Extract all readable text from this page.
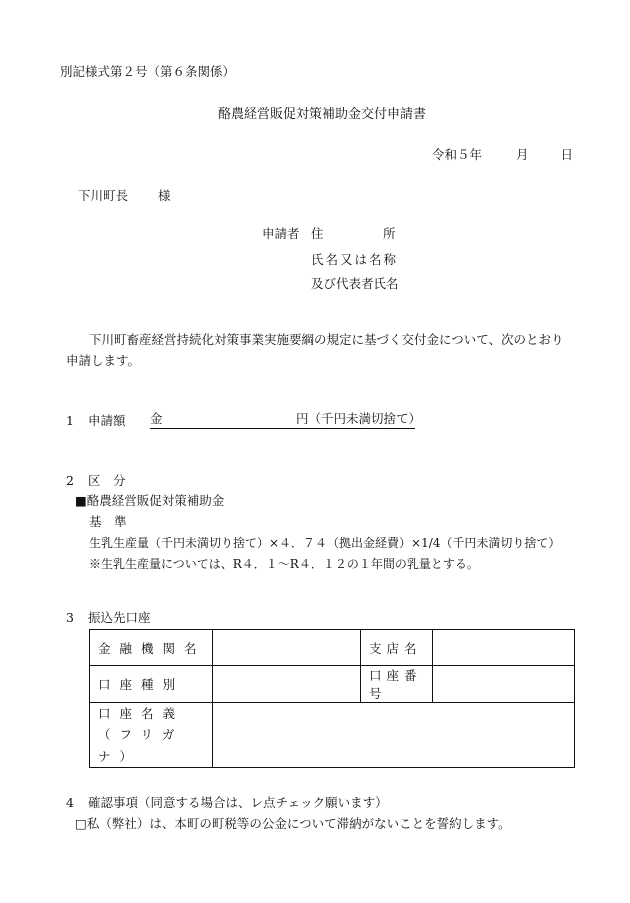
別記様式第２号（第６条関係）
酪農経営販促対策補助金交付申請書
令和５年	月	日
下川町長 様
申請者 住	所
氏名又は名称
及び代表者氏名
下川町畜産経営持続化対策事業実施要綱の規定に基づく交付金について、次のとおり
申請します。
1 申請額 金	円（千円未満切捨て）
2 区　分
■酪農経営販促対策補助金
基　準
生乳生産量（千円未満切り捨て）×４．７４（拠出金経費）×1/4（千円未満切り捨て）
※生乳生産量については、R４．１～R４．１２の１年間の乳量とする。
3 振込先口座
金融機関名		支店名	
口座種別		口座番号	

口座名義
（フリガナ）			

4 確認事項（同意する場合は、レ点チェック願います）
□私（弊社）は、本町の町税等の公金について滞納がないことを誓約します。
